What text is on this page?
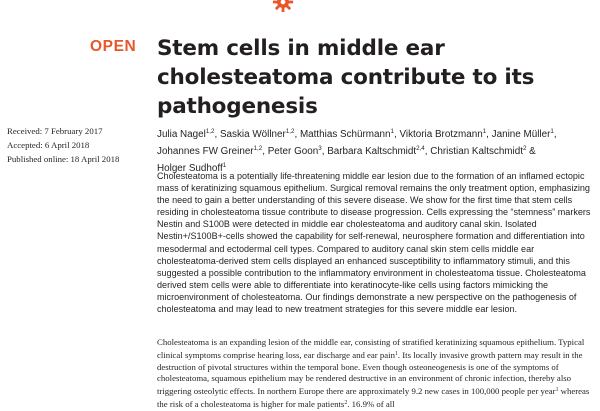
OPEN Stem cells in middle ear cholesteatoma contribute to its pathogenesis
Received: 7 February 2017
Accepted: 6 April 2018
Published online: 18 April 2018
Julia Nagel$^{1,2}$, Saskia Wöllner$^{1,2}$, Matthias Schürmann$^1$, Viktoria Brotzmann$^1$, Janine Müller$^1$,
Johannes FW Greiner$^{1,2}$, Peter Goon$^3$, Barbara Kaltschmidt$^{2,4}$, Christian Kaltschmidt$^2$ &
Holger Sudhoff$^1$

Cholesteatoma is a potentially life-threatening middle ear lesion due to the formation of an inflamed ectopic mass of keratinizing squamous epithelium. Surgical removal remains the only treatment option, emphasizing the need to gain a better understanding of this severe disease. We show for the first time that stem cells residing in cholesteatoma tissue contribute to disease progression. Cells expressing the “stemness” markers Nestin and S100B were detected in middle ear cholesteatoma and auditory canal skin. Isolated Nestin+/S100B+-cells showed the capability for self-renewal, neurosphere formation and differentiation into mesodermal and ectodermal cell types. Compared to auditory canal skin stem cells middle ear cholesteatoma-derived stem cells displayed an enhanced susceptibility to inflammatory stimuli, and this suggested a possible contribution to the inflammatory environment in cholesteatoma tissue. Cholesteatoma derived stem cells were able to differentiate into keratinocyte-like cells using factors mimicking the microenvironment of cholesteatoma. Our findings demonstrate a new perspective on the pathogenesis of cholesteatoma and may lead to new treatment strategies for this severe middle ear lesion.

Cholesteatoma is an expanding lesion of the middle ear, consisting of stratified keratinizing squamous epithelium. Typical clinical symptoms comprise hearing loss, ear discharge and ear pain$^1$. Its locally invasive growth pattern may result in the destruction of pivotal structures within the temporal bone. Even though osteoneogenesis is one of the symptoms of cholesteatoma, squamous epithelium may be rendered destructive in an environment of chronic infection, thereby also triggering osteolytic effects. In northern Europe there are approximately 9.2 new cases in 100,000 people per year$^1$ whereas the risk of a cholesteatoma is higher for male patients$^2$. 16.9% of all
